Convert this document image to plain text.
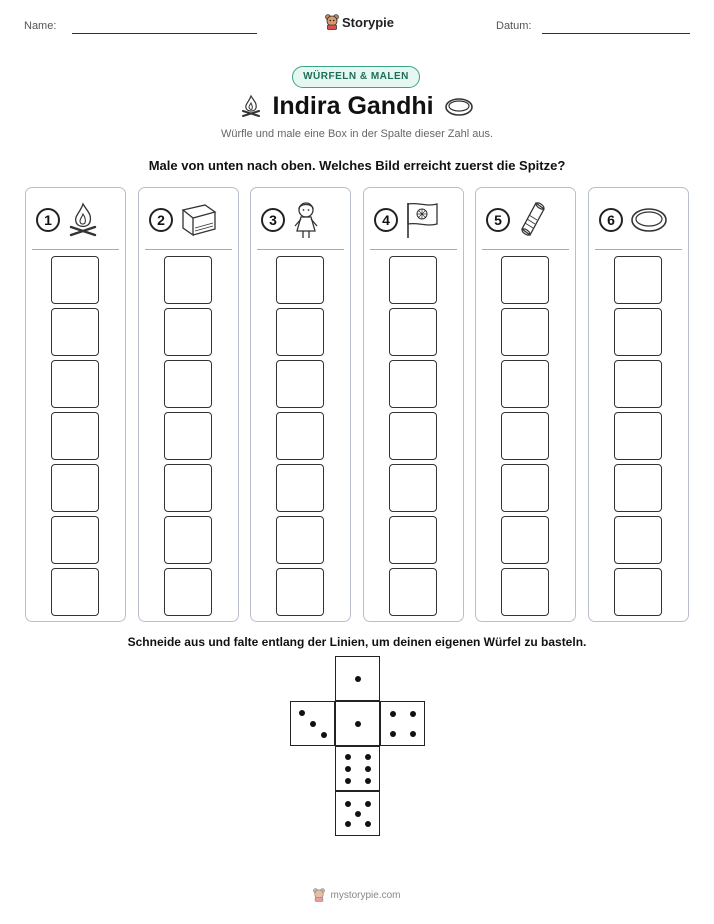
Name:	Storypie	Datum:
WÜRFELN & MALEN
Indira Gandhi
Würfle und male eine Box in der Spalte dieser Zahl aus.
Male von unten nach oben. Welches Bild erreicht zuerst die Spitze?
1	2	3	4	5	6
Schneide aus und falte entlang der Linien, um deinen eigenen Würfel zu basteln.
mystorypie.com
